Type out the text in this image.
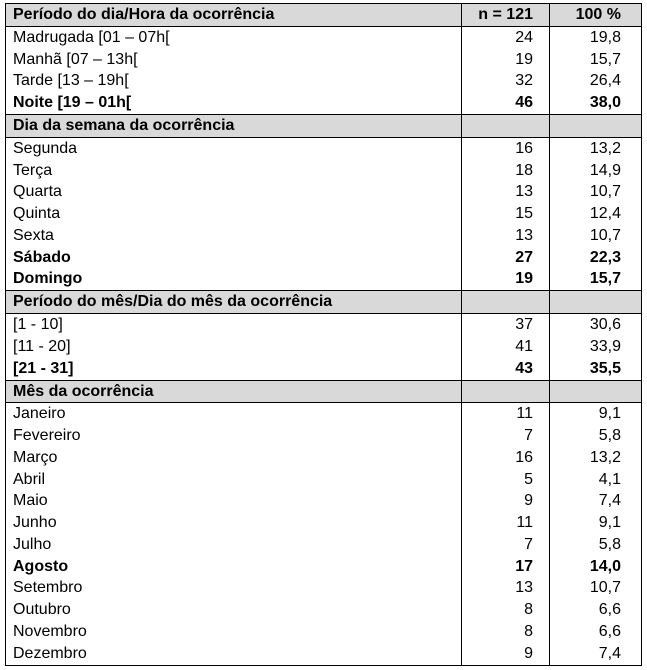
Período do dia/Hora da ocorrência	n = 121	100 %
Madrugada [01 – 07h[	24	19,8
Manhã [07 – 13h[	19	15,7
Tarde [13 – 19h[	32	26,4
Noite [19 – 01h[	46	38,0
Dia da semana da ocorrência		
Segunda	16	13,2
Terça	18	14,9
Quarta	13	10,7
Quinta	15	12,4
Sexta	13	10,7
Sábado	27	22,3
Domingo	19	15,7
Período do mês/Dia do mês da ocorrência		
[1 - 10]	37	30,6
[11 - 20]	41	33,9
[21 - 31]	43	35,5
Mês da ocorrência		
Janeiro	11	9,1
Fevereiro	7	5,8
Março	16	13,2
Abril	5	4,1
Maio	9	7,4
Junho	11	9,1
Julho	7	5,8
Agosto	17	14,0
Setembro	13	10,7
Outubro	8	6,6
Novembro	8	6,6
Dezembro	9	7,4
